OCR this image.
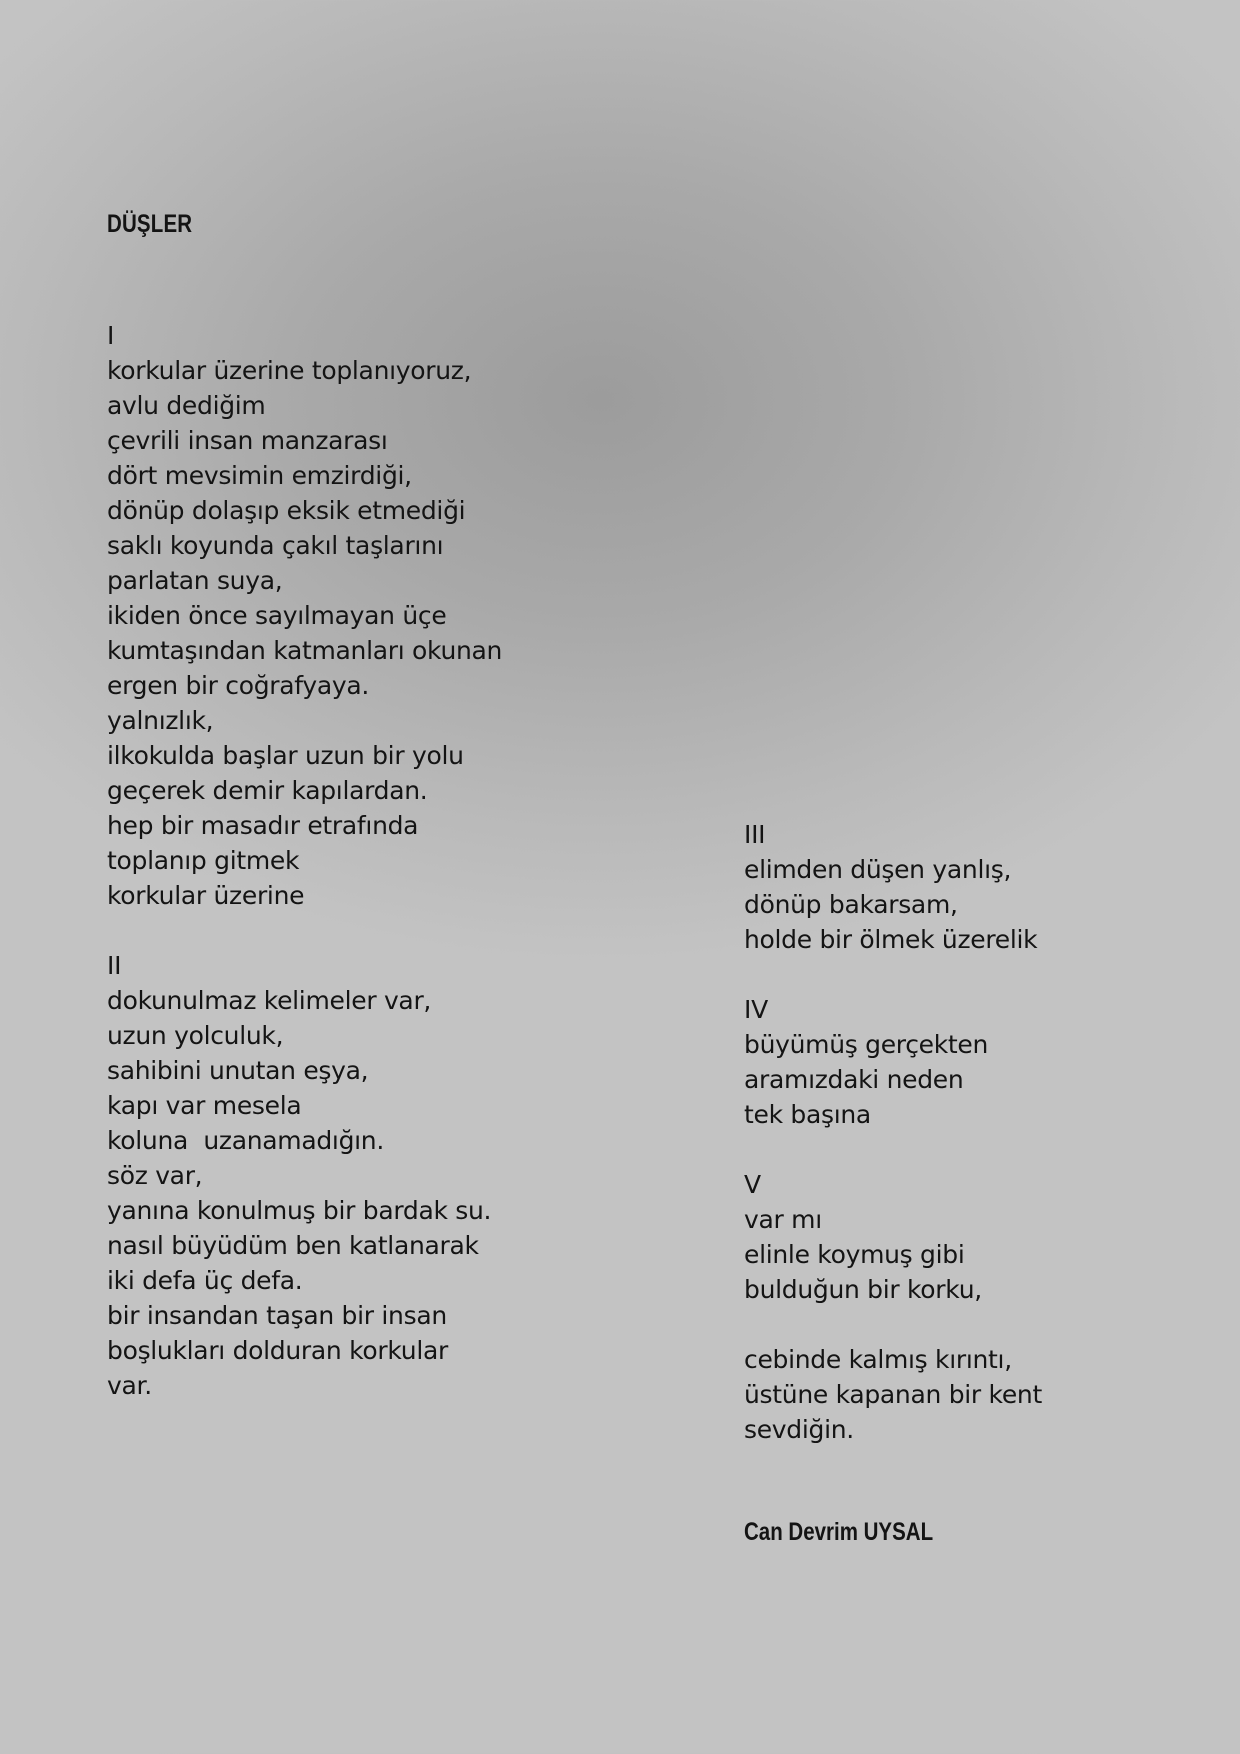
DÜŞLER
I
korkular üzerine toplanıyoruz,
avlu dediğim
çevrili insan manzarası
dört mevsimin emzirdiği,
dönüp dolaşıp eksik etmediği
saklı koyunda çakıl taşlarını
parlatan suya,
ikiden önce sayılmayan üçe
kumtaşından katmanları okunan
ergen bir coğrafyaya.
yalnızlık,
ilkokulda başlar uzun bir yolu
geçerek demir kapılardan.
hep bir masadır etrafında
toplanıp gitmek
korkular üzerine
II
dokunulmaz kelimeler var,
uzun yolculuk,
sahibini unutan eşya,
kapı var mesela
koluna  uzanamadığın.
söz var,
yanına konulmuş bir bardak su.
nasıl büyüdüm ben katlanarak
iki defa üç defa.
bir insandan taşan bir insan
boşlukları dolduran korkular
var.
III
elimden düşen yanlış,
dönüp bakarsam,
holde bir ölmek üzerelik
IV
büyümüş gerçekten
aramızdaki neden
tek başına
V
var mı
elinle koymuş gibi
bulduğun bir korku,
cebinde kalmış kırıntı,
üstüne kapanan bir kent
sevdiğin.

Can Devrim UYSAL
